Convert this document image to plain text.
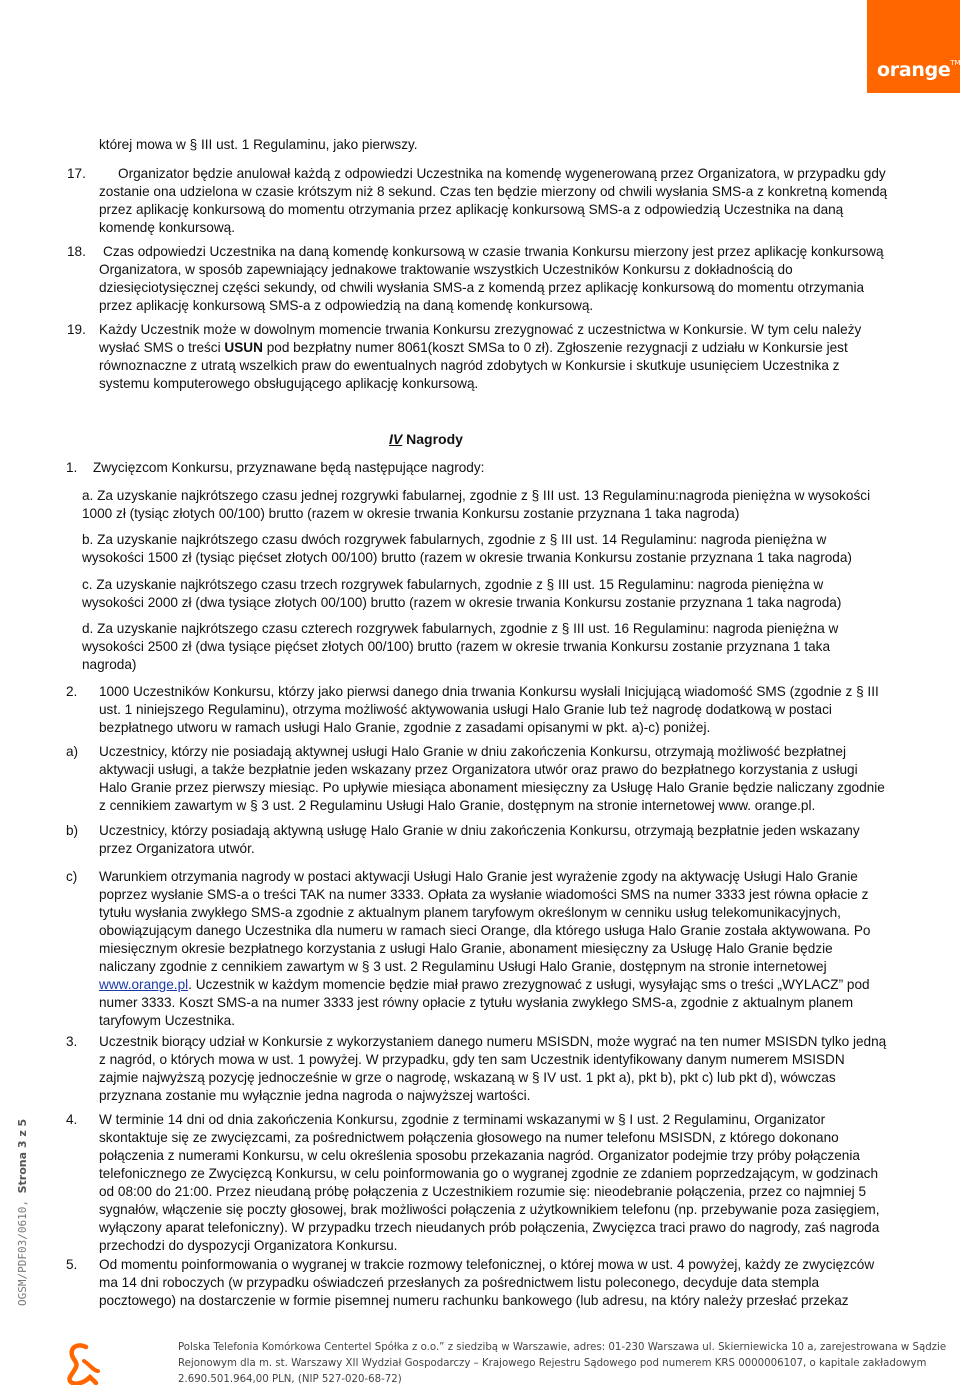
orange™
której mowa w § III ust. 1 Regulaminu, jako pierwszy.
17.	Organizator będzie anulował każdą z odpowiedzi Uczestnika na komendę wygenerowaną przez Organizatora, w przypadku gdy
zostanie ona udzielona w czasie krótszym niż 8 sekund. Czas ten będzie mierzony od chwili wysłania SMS-a z konkretną komendą
przez aplikację konkursową do momentu otrzymania przez aplikację konkursową SMS-a z odpowiedzią Uczestnika na daną
komendę konkursową.
18. Czas odpowiedzi Uczestnika na daną komendę konkursową w czasie trwania Konkursu mierzony jest przez aplikację konkursową
Organizatora, w sposób zapewniający jednakowe traktowanie wszystkich Uczestników Konkursu z dokładnością do
dziesięciotysięcznej części sekundy, od chwili wysłania SMS-a z komendą przez aplikację konkursową do momentu otrzymania
przez aplikację konkursową SMS-a z odpowiedzią na daną komendę konkursową.
19. Każdy Uczestnik może w dowolnym momencie trwania Konkursu zrezygnować z uczestnictwa w Konkursie. W tym celu należy
wysłać SMS o treści USUN pod bezpłatny numer 8061(koszt SMSa to 0 zł). Zgłoszenie rezygnacji z udziału w Konkursie jest
równoznaczne z utratą wszelkich praw do ewentualnych nagród zdobytych w Konkursie i skutkuje usunięciem Uczestnika z
systemu komputerowego obsługującego aplikację konkursową.
IV Nagrody
1. Zwycięzcom Konkursu, przyznawane będą następujące nagrody:
a. Za uzyskanie najkrótszego czasu jednej rozgrywki fabularnej, zgodnie z § III ust. 13 Regulaminu:nagroda pieniężna w wysokości
1000 zł (tysiąc złotych 00/100) brutto (razem w okresie trwania Konkursu zostanie przyznana 1 taka nagroda)
b. Za uzyskanie najkrótszego czasu dwóch rozgrywek fabularnych, zgodnie z § III ust. 14 Regulaminu: nagroda pieniężna w
wysokości 1500 zł (tysiąc pięćset złotych 00/100) brutto (razem w okresie trwania Konkursu zostanie przyznana 1 taka nagroda)
c. Za uzyskanie najkrótszego czasu trzech rozgrywek fabularnych, zgodnie z § III ust. 15 Regulaminu: nagroda pieniężna w
wysokości 2000 zł (dwa tysiące złotych 00/100) brutto (razem w okresie trwania Konkursu zostanie przyznana 1 taka nagroda)
d. Za uzyskanie najkrótszego czasu czterech rozgrywek fabularnych, zgodnie z § III ust. 16 Regulaminu: nagroda pieniężna w
wysokości 2500 zł (dwa tysiące pięćset złotych 00/100) brutto (razem w okresie trwania Konkursu zostanie przyznana 1 taka
nagroda)
2. 1000 Uczestników Konkursu, którzy jako pierwsi danego dnia trwania Konkursu wysłali Inicjującą wiadomość SMS (zgodnie z § III
ust. 1 niniejszego Regulaminu), otrzyma możliwość aktywowania usługi Halo Granie lub też nagrodę dodatkową w postaci
bezpłatnego utworu w ramach usługi Halo Granie, zgodnie z zasadami opisanymi w pkt. a)-c) poniżej.
a) Uczestnicy, którzy nie posiadają aktywnej usługi Halo Granie w dniu zakończenia Konkursu, otrzymają możliwość bezpłatnej
aktywacji usługi, a także bezpłatnie jeden wskazany przez Organizatora utwór oraz prawo do bezpłatnego korzystania z usługi
Halo Granie przez pierwszy miesiąc. Po upływie miesiąca abonament miesięczny za Usługę Halo Granie będzie naliczany zgodnie
z cennikiem zawartym w § 3 ust. 2 Regulaminu Usługi Halo Granie, dostępnym na stronie internetowej www. orange.pl.
b) Uczestnicy, którzy posiadają aktywną usługę Halo Granie w dniu zakończenia Konkursu, otrzymają bezpłatnie jeden wskazany
przez Organizatora utwór.
c) Warunkiem otrzymania nagrody w postaci aktywacji Usługi Halo Granie jest wyrażenie zgody na aktywację Usługi Halo Granie
poprzez wysłanie SMS-a o treści TAK na numer 3333. Opłata za wysłanie wiadomości SMS na numer 3333 jest równa opłacie z
tytułu wysłania zwykłego SMS-a zgodnie z aktualnym planem taryfowym określonym w cenniku usług telekomunikacyjnych,
obowiązującym danego Uczestnika dla numeru w ramach sieci Orange, dla którego usługa Halo Granie została aktywowana. Po
miesięcznym okresie bezpłatnego korzystania z usługi Halo Granie, abonament miesięczny za Usługę Halo Granie będzie
naliczany zgodnie z cennikiem zawartym w § 3 ust. 2 Regulaminu Usługi Halo Granie, dostępnym na stronie internetowej
www.orange.pl. Uczestnik w każdym momencie będzie miał prawo zrezygnować z usługi, wysyłając sms o treści „WYLACZ” pod
numer 3333. Koszt SMS-a na numer 3333 jest równy opłacie z tytułu wysłania zwykłego SMS-a, zgodnie z aktualnym planem
taryfowym Uczestnika.
3. Uczestnik biorący udział w Konkursie z wykorzystaniem danego numeru MSISDN, może wygrać na ten numer MSISDN tylko jedną
z nagród, o których mowa w ust. 1 powyżej. W przypadku, gdy ten sam Uczestnik identyfikowany danym numerem MSISDN
zajmie najwyższą pozycję jednocześnie w grze o nagrodę, wskazaną w § IV ust. 1 pkt a), pkt b), pkt c) lub pkt d), wówczas
przyznana zostanie mu wyłącznie jedna nagroda o najwyższej wartości.
4. W terminie 14 dni od dnia zakończenia Konkursu, zgodnie z terminami wskazanymi w § I ust. 2 Regulaminu, Organizator
skontaktuje się ze zwycięzcami, za pośrednictwem połączenia głosowego na numer telefonu MSISDN, z którego dokonano
połączenia z numerami Konkursu, w celu określenia sposobu przekazania nagród. Organizator podejmie trzy próby połączenia
telefonicznego ze Zwycięzcą Konkursu, w celu poinformowania go o wygranej zgodnie ze zdaniem poprzedzającym, w godzinach
od 08:00 do 21:00. Przez nieudaną próbę połączenia z Uczestnikiem rozumie się: nieodebranie połączenia, przez co najmniej 5
sygnałów, włączenie się poczty głosowej, brak możliwości połączenia z użytkownikiem telefonu (np. przebywanie poza zasięgiem,
wyłączony aparat telefoniczny). W przypadku trzech nieudanych prób połączenia, Zwycięzca traci prawo do nagrody, zaś nagroda
przechodzi do dyspozycji Organizatora Konkursu.
5. Od momentu poinformowania o wygranej w trakcie rozmowy telefonicznej, o której mowa w ust. 4 powyżej, każdy ze zwycięzców
ma 14 dni roboczych (w przypadku oświadczeń przesłanych za pośrednictwem listu poleconego, decyduje data stempla
pocztowego) na dostarczenie w formie pisemnej numeru rachunku bankowego (lub adresu, na który należy przesłać przekaz
OGSM/PDF03/0610, Strona 3 z 5
Polska Telefonia Komórkowa Centertel Spółka z o.o.” z siedzibą w Warszawie, adres: 01-230 Warszawa ul. Skierniewicka 10 a, zarejestrowana w Sądzie
Rejonowym dla m. st. Warszawy XII Wydział Gospodarczy – Krajowego Rejestru Sądowego pod numerem KRS 0000006107, o kapitale zakładowym
2.690.501.964,00 PLN, (NIP 527-020-68-72)
